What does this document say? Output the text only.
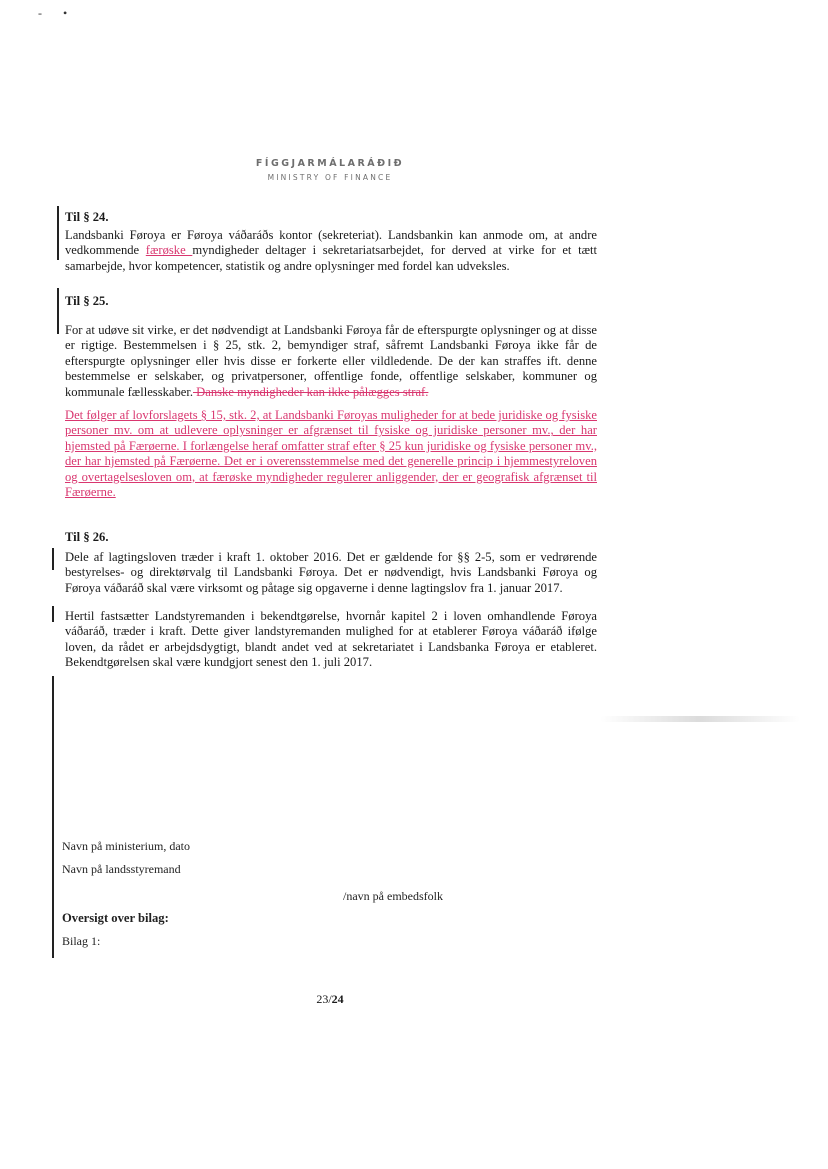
- •
FÍGGJARMÁLARÁÐIÐ
MINISTRY OF FINANCE
Til § 24.
Landsbanki Føroya er Føroya váðaráðs kontor (sekreteriat). Landsbankin kan anmode om, at andre vedkommende færøske myndigheder deltager i sekretariatsarbejdet, for derved at virke for et tætt samarbejde, hvor kompetencer, statistik og andre oplysninger med fordel kan udveksles.
Til § 25.
For at udøve sit virke, er det nødvendigt at Landsbanki Føroya får de efterspurgte oplysninger og at disse er rigtige. Bestemmelsen i § 25, stk. 2, bemyndiger straf, såfremt Landsbanki Føroya ikke får de efterspurgte oplysninger eller hvis disse er forkerte eller vildledende. De der kan straffes ift. denne bestemmelse er selskaber, og privatpersoner, offentlige fonde, offentlige selskaber, kommuner og kommunale fællesskaber. Danske myndigheder kan ikke pålægges straf.
Det følger af lovforslagets § 15, stk. 2, at Landsbanki Føroyas muligheder for at bede juridiske og fysiske personer mv. om at udlevere oplysninger er afgrænset til fysiske og juridiske personer mv., der har hjemsted på Færøerne. I forlængelse heraf omfatter straf efter § 25 kun juridiske og fysiske personer mv., der har hjemsted på Færøerne. Det er i overensstemmelse med det generelle princip i hjemmestyreloven og overtagelsesloven om, at færøske myndigheder regulerer anliggender, der er geografisk afgrænset til Færøerne.
Til § 26.
Dele af lagtingsloven træder i kraft 1. oktober 2016. Det er gældende for §§ 2-5, som er vedrørende bestyrelses- og direktørvalg til Landsbanki Føroya. Det er nødvendigt, hvis Landsbanki Føroya og Føroya váðaráð skal være virksomt og påtage sig opgaverne i denne lagtingslov fra 1. januar 2017.
Hertil fastsætter Landstyremanden i bekendtgørelse, hvornår kapitel 2 i loven omhandlende Føroya váðaráð, træder i kraft. Dette giver landstyremanden mulighed for at etablerer Føroya váðaráð ifølge loven, da rådet er arbejdsdygtigt, blandt andet ved at sekretariatet i Landsbanka Føroya er etableret. Bekendtgørelsen skal være kundgjort senest den 1. juli 2017.
Navn på ministerium, dato
Navn på landsstyremand
/navn på embedsfolk
Oversigt over bilag:
Bilag 1:
23/24
